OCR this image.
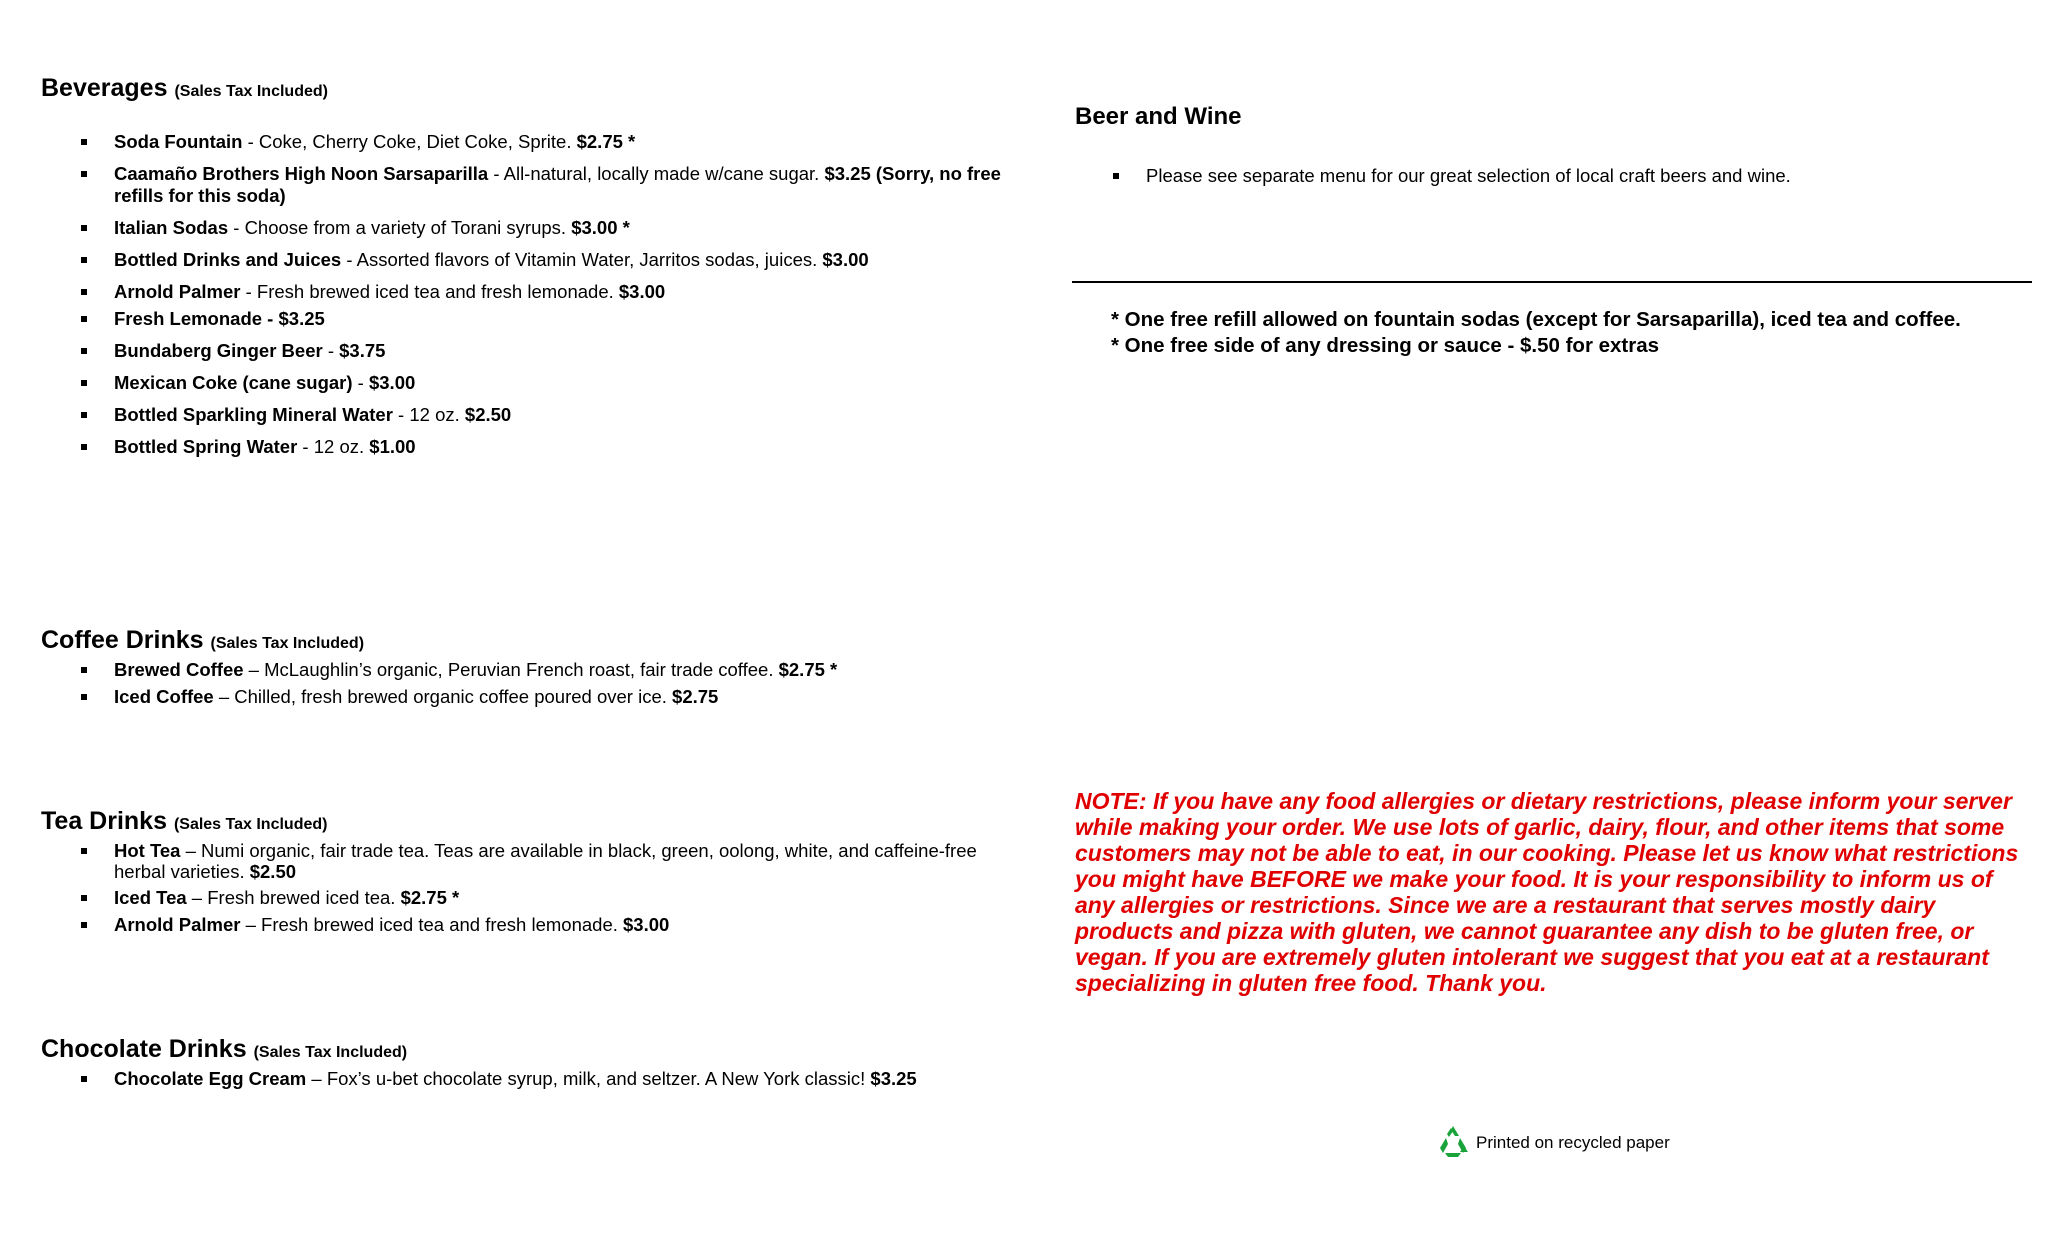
Beverages (Sales Tax Included)
Soda Fountain - Coke, Cherry Coke, Diet Coke, Sprite. $2.75 *
Caamaño Brothers High Noon Sarsaparilla - All-natural, locally made w/cane sugar. $3.25 (Sorry, no free refills for this soda)
Italian Sodas - Choose from a variety of Torani syrups. $3.00 *
Bottled Drinks and Juices - Assorted flavors of Vitamin Water, Jarritos sodas, juices. $3.00
Arnold Palmer - Fresh brewed iced tea and fresh lemonade. $3.00
Fresh Lemonade - $3.25
Bundaberg Ginger Beer - $3.75
Mexican Coke (cane sugar) - $3.00
Bottled Sparkling Mineral Water - 12 oz. $2.50
Bottled Spring Water - 12 oz. $1.00
Coffee Drinks (Sales Tax Included)
Brewed Coffee – McLaughlin’s organic, Peruvian French roast, fair trade coffee. $2.75 *
Iced Coffee – Chilled, fresh brewed organic coffee poured over ice. $2.75
Tea Drinks (Sales Tax Included)
Hot Tea – Numi organic, fair trade tea. Teas are available in black, green, oolong, white, and caffeine-free herbal varieties. $2.50
Iced Tea – Fresh brewed iced tea. $2.75 *
Arnold Palmer – Fresh brewed iced tea and fresh lemonade. $3.00
Chocolate Drinks (Sales Tax Included)
Chocolate Egg Cream – Fox’s u-bet chocolate syrup, milk, and seltzer. A New York classic! $3.25
Beer and Wine
Please see separate menu for our great selection of local craft beers and wine.
* One free refill allowed on fountain sodas (except for Sarsaparilla), iced tea and coffee.
* One free side of any dressing or sauce - $.50 for extras
NOTE: If you have any food allergies or dietary restrictions, please inform your server while making your order. We use lots of garlic, dairy, flour, and other items that some customers may not be able to eat, in our cooking. Please let us know what restrictions you might have BEFORE we make your food. It is your responsibility to inform us of any allergies or restrictions. Since we are a restaurant that serves mostly dairy products and pizza with gluten, we cannot guarantee any dish to be gluten free, or vegan. If you are extremely gluten intolerant we suggest that you eat at a restaurant specializing in gluten free food. Thank you.
Printed on recycled paper
